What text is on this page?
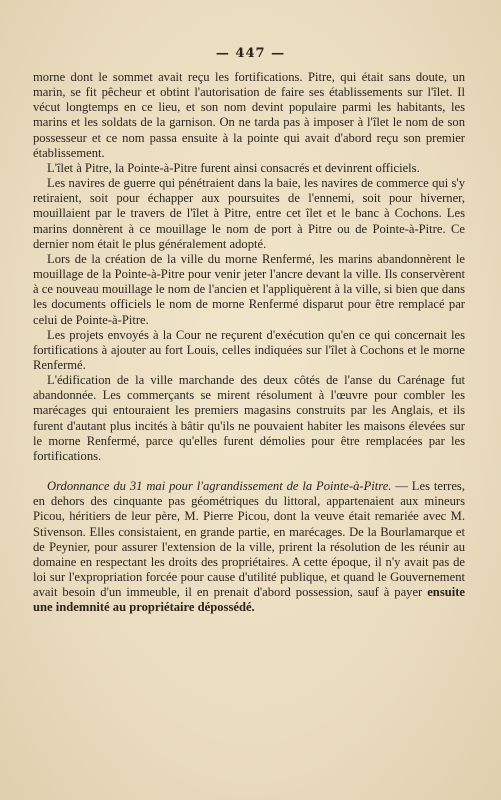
— 447 —

morne dont le sommet avait reçu les fortifications. Pitre, qui était sans doute, un marin, se fit pêcheur et obtint l'autorisation de faire ses établissements sur l'îlet. Il vécut longtemps en ce lieu, et son nom devint populaire parmi les habitants, les marins et les soldats de la garnison. On ne tarda pas à imposer à l'îlet le nom de son possesseur et ce nom passa ensuite à la pointe qui avait d'abord reçu son premier établissement.

L'îlet à Pitre, la Pointe-à-Pitre furent ainsi consacrés et devinrent officiels.

Les navires de guerre qui pénétraient dans la baie, les navires de commerce qui s'y retiraient, soit pour échapper aux poursuites de l'ennemi, soit pour hiverner, mouillaient par le travers de l'îlet à Pitre, entre cet îlet et le banc à Cochons. Les marins donnèrent à ce mouillage le nom de port à Pitre ou de Pointe-à-Pitre. Ce dernier nom était le plus généralement adopté.

Lors de la création de la ville du morne Renfermé, les marins abandonnèrent le mouillage de la Pointe-à-Pitre pour venir jeter l'ancre devant la ville. Ils conservèrent à ce nouveau mouillage le nom de l'ancien et l'appliquèrent à la ville, si bien que dans les documents officiels le nom de morne Renfermé disparut pour être remplacé par celui de Pointe-à-Pitre.

Les projets envoyés à la Cour ne reçurent d'exécution qu'en ce qui concernait les fortifications à ajouter au fort Louis, celles indiquées sur l'îlet à Cochons et le morne Renfermé.

L'édification de la ville marchande des deux côtés de l'anse du Carénage fut abandonnée. Les commerçants se mirent résolument à l'œuvre pour combler les marécages qui entouraient les premiers magasins construits par les Anglais, et ils furent d'autant plus incités à bâtir qu'ils ne pouvaient habiter les maisons élevées sur le morne Renfermé, parce qu'elles furent démolies pour être remplacées par les fortifications.

Ordonnance du 31 mai pour l'agrandissement de la Pointe-à-Pitre. — Les terres, en dehors des cinquante pas géométriques du littoral, appartenaient aux mineurs Picou, héritiers de leur père, M. Pierre Picou, dont la veuve était remariée avec M. Stivenson. Elles consistaient, en grande partie, en marécages. De la Bourlamarque et de Peynier, pour assurer l'extension de la ville, prirent la résolution de les réunir au domaine en respectant les droits des propriétaires. A cette époque, il n'y avait pas de loi sur l'expropriation forcée pour cause d'utilité publique, et quand le Gouvernement avait besoin d'un immeuble, il en prenait d'abord possession, sauf à payer ensuite une indemnité au propriétaire dépossédé.
